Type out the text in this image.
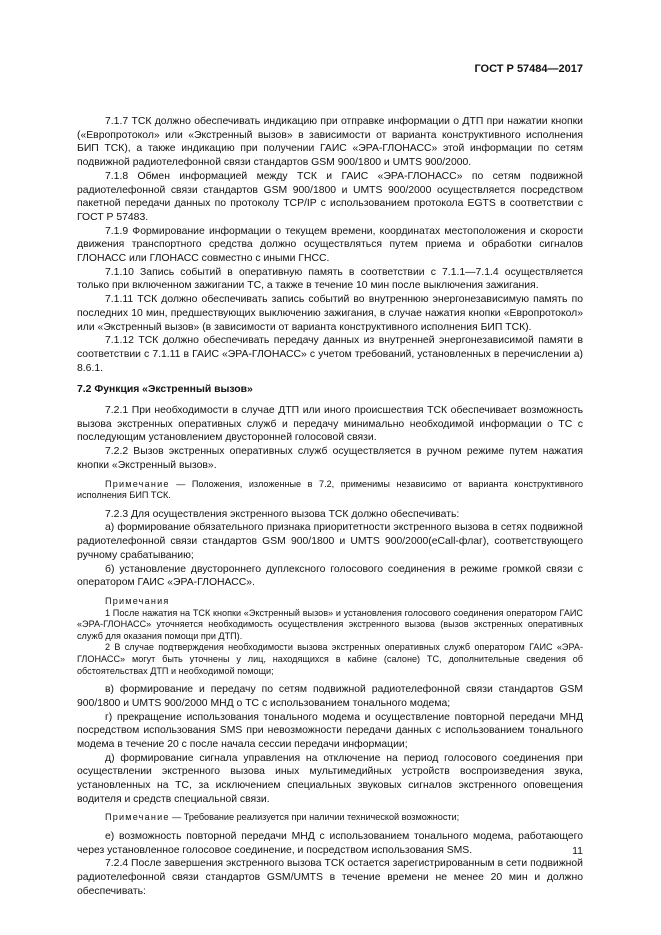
ГОСТ Р 57484—2017

7.1.7 ТСК должно обеспечивать индикацию при отправке информации о ДТП при нажатии кнопки («Европротокол» или «Экстренный вызов» в зависимости от варианта конструктивного исполнения БИП ТСК), а также индикацию при получении ГАИС «ЭРА-ГЛОНАСС» этой информации по сетям подвижной радиотелефонной связи стандартов GSM 900/1800 и UMTS 900/2000.

7.1.8 Обмен информацией между ТСК и ГАИС «ЭРА-ГЛОНАСС» по сетям подвижной радиотелефонной связи стандартов GSM 900/1800 и UMTS 900/2000 осуществляется посредством пакетной передачи данных по протоколу TCP/IP с использованием протокола EGTS в соответствии с ГОСТ Р 57483.

7.1.9 Формирование информации о текущем времени, координатах местоположения и скорости движения транспортного средства должно осуществляться путем приема и обработки сигналов ГЛОНАСС или ГЛОНАСС совместно с иными ГНСС.

7.1.10 Запись событий в оперативную память в соответствии с 7.1.1—7.1.4 осуществляется только при включенном зажигании ТС, а также в течение 10 мин после выключения зажигания.

7.1.11 ТСК должно обеспечивать запись событий во внутреннюю энергонезависимую память по последних 10 мин, предшествующих выключению зажигания, в случае нажатия кнопки «Европротокол» или «Экстренный вызов» (в зависимости от варианта конструктивного исполнения БИП ТСК).

7.1.12 ТСК должно обеспечивать передачу данных из внутренней энергонезависимой памяти в соответствии с 7.1.11 в ГАИС «ЭРА-ГЛОНАСС» с учетом требований, установленных в перечислении а) 8.6.1.

7.2 Функция «Экстренный вызов»

7.2.1 При необходимости в случае ДТП или иного происшествия ТСК обеспечивает возможность вызова экстренных оперативных служб и передачу минимально необходимой информации о ТС с последующим установлением двусторонней голосовой связи.

7.2.2 Вызов экстренных оперативных служб осуществляется в ручном режиме путем нажатия кнопки «Экстренный вызов».

Примечание — Положения, изложенные в 7.2, применимы независимо от варианта конструктивного исполнения БИП ТСК.

7.2.3 Для осуществления экстренного вызова ТСК должно обеспечивать:

а) формирование обязательного признака приоритетности экстренного вызова в сетях подвижной радиотелефонной связи стандартов GSM 900/1800 и UMTS 900/2000(eCall-флаг), соответствующего ручному срабатыванию;

б) установление двустороннего дуплексного голосового соединения в режиме громкой связи с оператором ГАИС «ЭРА-ГЛОНАСС».

Примечания

1 После нажатия на ТСК кнопки «Экстренный вызов» и установления голосового соединения оператором ГАИС «ЭРА-ГЛОНАСС» уточняется необходимость осуществления экстренного вызова (вызов экстренных оперативных служб для оказания помощи при ДТП).

2 В случае подтверждения необходимости вызова экстренных оперативных служб оператором ГАИС «ЭРА-ГЛОНАСС» могут быть уточнены у лиц, находящихся в кабине (салоне) ТС, дополнительные сведения об обстоятельствах ДТП и необходимой помощи;

в) формирование и передачу по сетям подвижной радиотелефонной связи стандартов GSM 900/1800 и UMTS 900/2000 МНД о ТС с использованием тонального модема;

г) прекращение использования тонального модема и осуществление повторной передачи МНД посредством использования SMS при невозможности передачи данных с использованием тонального модема в течение 20 с после начала сессии передачи информации;

д) формирование сигнала управления на отключение на период голосового соединения при осуществлении экстренного вызова иных мультимедийных устройств воспроизведения звука, установленных на ТС, за исключением специальных звуковых сигналов экстренного оповещения водителя и средств специальной связи.

Примечание — Требование реализуется при наличии технической возможности;

е) возможность повторной передачи МНД с использованием тонального модема, работающего через установленное голосовое соединение, и посредством использования SMS.

7.2.4 После завершения экстренного вызова ТСК остается зарегистрированным в сети подвижной радиотелефонной связи стандартов GSM/UMTS в течение времени не менее 20 мин и должно обеспечивать:

11
